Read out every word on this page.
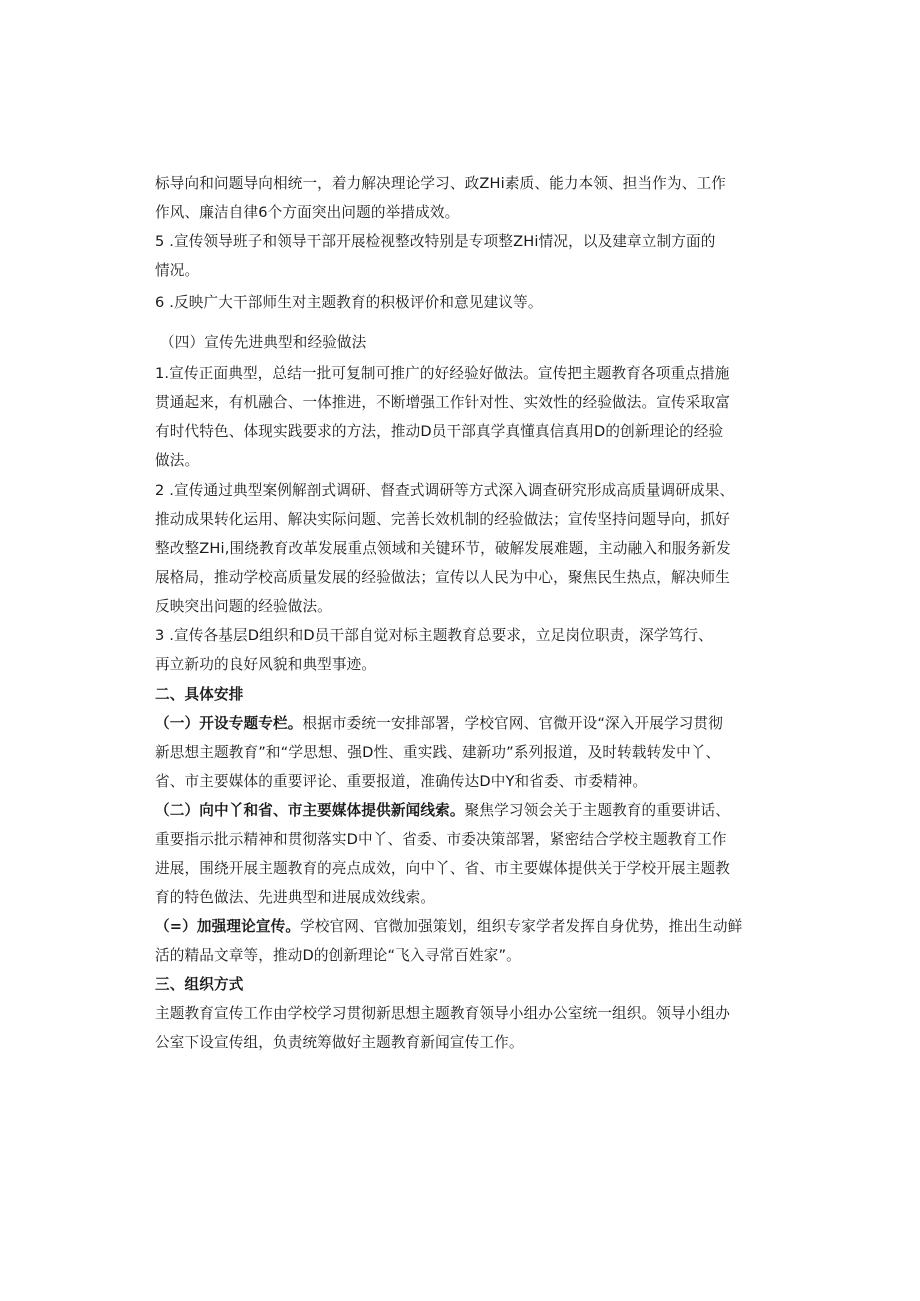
标导向和问题导向相统一，着力解决理论学习、政ZHi素质、能力本领、担当作为、工作
作风、廉洁自律6个方面突出问题的举措成效。
5 .宣传领导班子和领导干部开展检视整改特别是专项整ZHi情况，以及建章立制方面的
情况。
6 .反映广大干部师生对主题教育的积极评价和意见建议等。
（四）宣传先进典型和经验做法
1.宣传正面典型，总结一批可复制可推广的好经验好做法。宣传把主题教育各项重点措施
贯通起来，有机融合、一体推进，不断增强工作针对性、实效性的经验做法。宣传采取富
有时代特色、体现实践要求的方法，推动D员干部真学真懂真信真用D的创新理论的经验
做法。
2 .宣传通过典型案例解剖式调研、督查式调研等方式深入调查研究形成高质量调研成果、
推动成果转化运用、解决实际问题、完善长效机制的经验做法；宣传坚持问题导向，抓好
整改整ZHi,围绕教育改革发展重点领域和关键环节，破解发展难题，主动融入和服务新发
展格局，推动学校高质量发展的经验做法；宣传以人民为中心，聚焦民生热点，解决师生
反映突出问题的经验做法。
3 .宣传各基层D组织和D员干部自觉对标主题教育总要求，立足岗位职责，深学笃行、
再立新功的良好风貌和典型事迹。
二、具体安排
（一）开设专题专栏。根据市委统一安排部署，学校官网、官微开设“深入开展学习贯彻
新思想主题教育”和“学思想、强D性、重实践、建新功”系列报道，及时转载转发中丫、
省、市主要媒体的重要评论、重要报道，准确传达D中Y和省委、市委精神。
（二）向中丫和省、市主要媒体提供新闻线索。聚焦学习领会关于主题教育的重要讲话、
重要指示批示精神和贯彻落实D中丫、省委、市委决策部署，紧密结合学校主题教育工作
进展，围绕开展主题教育的亮点成效，向中丫、省、市主要媒体提供关于学校开展主题教
育的特色做法、先进典型和进展成效线索。
（=）加强理论宣传。学校官网、官微加强策划，组织专家学者发挥自身优势，推出生动鲜
活的精品文章等，推动D的创新理论“飞入寻常百姓家”。
三、组织方式
主题教育宣传工作由学校学习贯彻新思想主题教育领导小组办公室统一组织。领导小组办
公室下设宣传组，负责统筹做好主题教育新闻宣传工作。
